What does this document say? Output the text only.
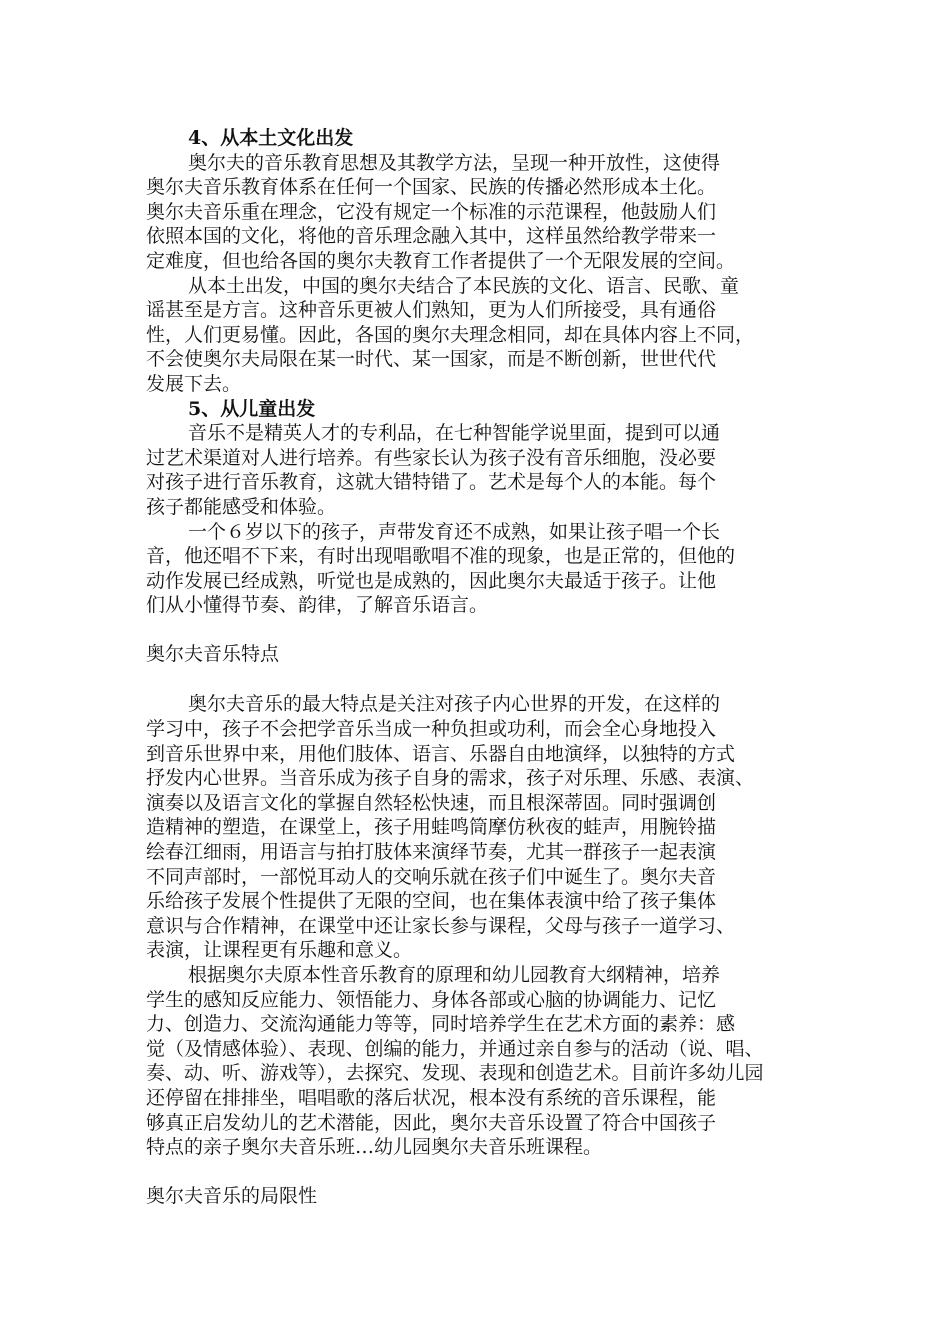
4、从本土文化出发
奥尔夫的音乐教育思想及其教学方法，呈现一种开放性，这使得
奥尔夫音乐教育体系在任何一个国家、民族的传播必然形成本土化。
奥尔夫音乐重在理念，它没有规定一个标准的示范课程，他鼓励人们
依照本国的文化，将他的音乐理念融入其中，这样虽然给教学带来一
定难度，但也给各国的奥尔夫教育工作者提供了一个无限发展的空间。
从本土出发，中国的奥尔夫结合了本民族的文化、语言、民歌、童
谣甚至是方言。这种音乐更被人们熟知，更为人们所接受，具有通俗
性，人们更易懂。因此，各国的奥尔夫理念相同，却在具体内容上不同，
不会使奥尔夫局限在某一时代、某一国家，而是不断创新，世世代代
发展下去。
5、从儿童出发
音乐不是精英人才的专利品，在七种智能学说里面，提到可以通
过艺术渠道对人进行培养。有些家长认为孩子没有音乐细胞，没必要
对孩子进行音乐教育，这就大错特错了。艺术是每个人的本能。每个
孩子都能感受和体验。
一个６岁以下的孩子，声带发育还不成熟，如果让孩子唱一个长
音，他还唱不下来，有时出现唱歌唱不准的现象，也是正常的，但他的
动作发展已经成熟，听觉也是成熟的，因此奥尔夫最适于孩子。让他
们从小懂得节奏、韵律，了解音乐语言。
奥尔夫音乐特点
奥尔夫音乐的最大特点是关注对孩子内心世界的开发，在这样的
学习中，孩子不会把学音乐当成一种负担或功利，而会全心身地投入
到音乐世界中来，用他们肢体、语言、乐器自由地演绎，以独特的方式
抒发内心世界。当音乐成为孩子自身的需求，孩子对乐理、乐感、表演、
演奏以及语言文化的掌握自然轻松快速，而且根深蒂固。同时强调创
造精神的塑造，在课堂上，孩子用蛙鸣筒摩仿秋夜的蛙声，用腕铃描
绘春江细雨，用语言与拍打肢体来演绎节奏，尤其一群孩子一起表演
不同声部时，一部悦耳动人的交响乐就在孩子们中诞生了。奥尔夫音
乐给孩子发展个性提供了无限的空间，也在集体表演中给了孩子集体
意识与合作精神，在课堂中还让家长参与课程，父母与孩子一道学习、
表演，让课程更有乐趣和意义。
根据奥尔夫原本性音乐教育的原理和幼儿园教育大纲精神，培养
学生的感知反应能力、领悟能力、身体各部或心脑的协调能力、记忆
力、创造力、交流沟通能力等等，同时培养学生在艺术方面的素养：感
觉（及情感体验）、表现、创编的能力，并通过亲自参与的活动（说、唱、
奏、动、听、游戏等），去探究、发现、表现和创造艺术。目前许多幼儿园
还停留在排排坐，唱唱歌的落后状况，根本没有系统的音乐课程，能
够真正启发幼儿的艺术潜能，因此，奥尔夫音乐设置了符合中国孩子
特点的亲子奥尔夫音乐班…幼儿园奥尔夫音乐班课程。
奥尔夫音乐的局限性
